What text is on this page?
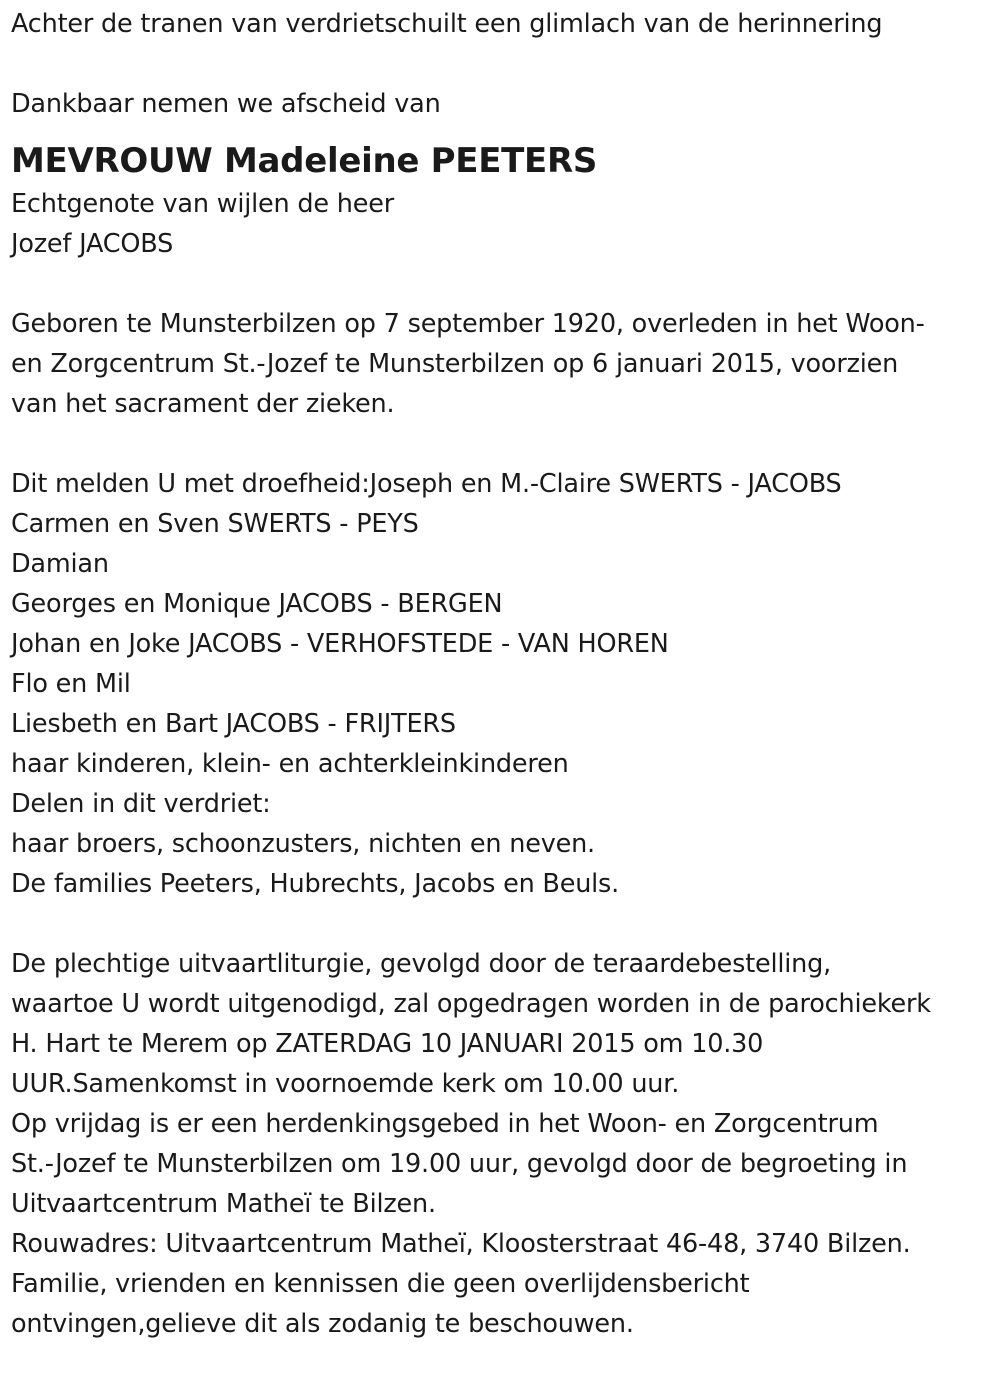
Achter de tranen van verdrietschuilt een glimlach van de herinnering
Dankbaar nemen we afscheid van
MEVROUW Madeleine PEETERS
Echtgenote van wijlen de heer
Jozef JACOBS
Geboren te Munsterbilzen op 7 september 1920, overleden in het Woon-
en Zorgcentrum St.-Jozef te Munsterbilzen op 6 januari 2015, voorzien
van het sacrament der zieken.
Dit melden U met droefheid:Joseph en M.-Claire SWERTS - JACOBS
Carmen en Sven SWERTS - PEYS
Damian
Georges en Monique JACOBS - BERGEN
Johan en Joke JACOBS - VERHOFSTEDE - VAN HOREN
Flo en Mil
Liesbeth en Bart JACOBS - FRIJTERS
haar kinderen, klein- en achterkleinkinderen
Delen in dit verdriet:
haar broers, schoonzusters, nichten en neven.
De families Peeters, Hubrechts, Jacobs en Beuls.
De plechtige uitvaartliturgie, gevolgd door de teraardebestelling,
waartoe U wordt uitgenodigd, zal opgedragen worden in de parochiekerk
H. Hart te Merem op ZATERDAG 10 JANUARI 2015 om 10.30
UUR.Samenkomst in voornoemde kerk om 10.00 uur.
Op vrijdag is er een herdenkingsgebed in het Woon- en Zorgcentrum
St.-Jozef te Munsterbilzen om 19.00 uur, gevolgd door de begroeting in
Uitvaartcentrum Matheï te Bilzen.
Rouwadres: Uitvaartcentrum Matheï, Kloosterstraat 46-48, 3740 Bilzen.
Familie, vrienden en kennissen die geen overlijdensbericht
ontvingen,gelieve dit als zodanig te beschouwen.
